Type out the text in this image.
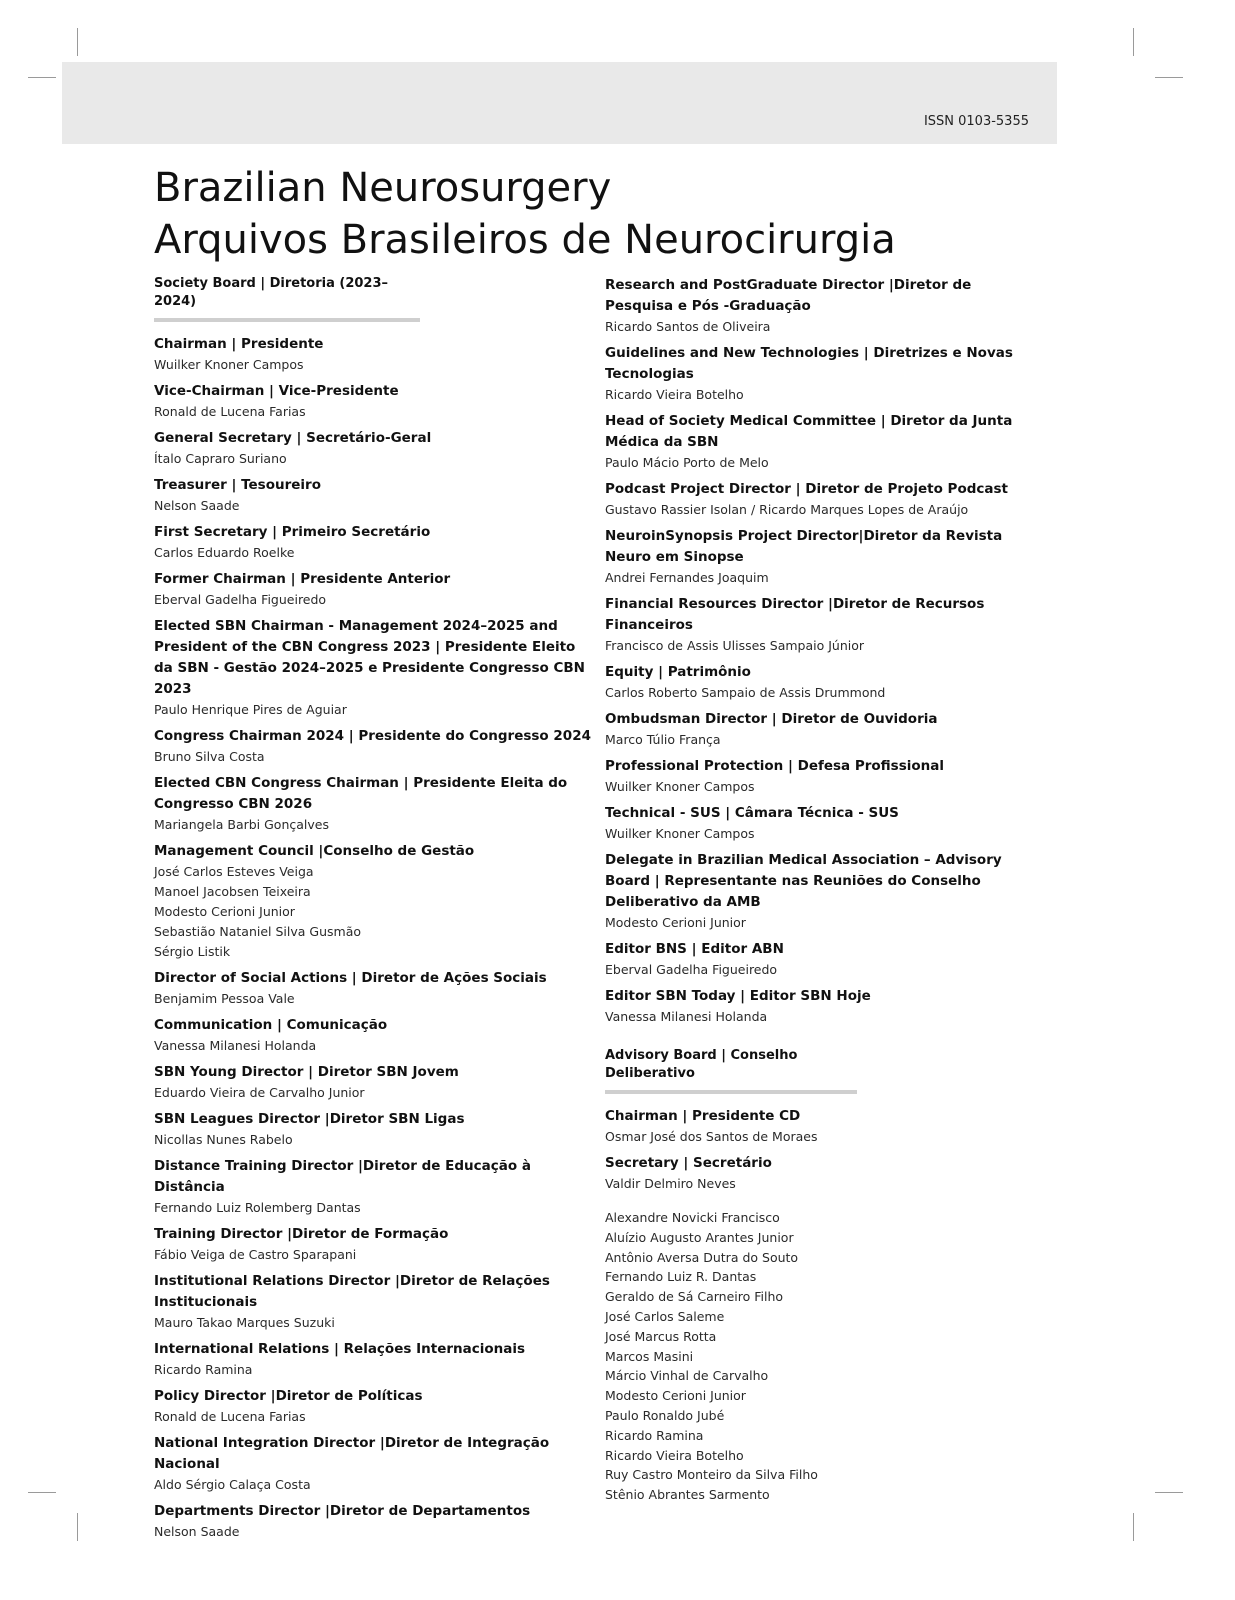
ISSN 0103-5355
Brazilian Neurosurgery
Arquivos Brasileiros de Neurocirurgia
Society Board | Diretoria (2023–2024)
Chairman | Presidente
Wuilker Knoner Campos
Vice-Chairman | Vice-Presidente
Ronald de Lucena Farias
General Secretary | Secretário-Geral
Ítalo Capraro Suriano
Treasurer | Tesoureiro
Nelson Saade
First Secretary | Primeiro Secretário
Carlos Eduardo Roelke
Former Chairman | Presidente Anterior
Eberval Gadelha Figueiredo
Elected SBN Chairman - Management 2024–2025 and President of the CBN Congress 2023 | Presidente Eleito da SBN - Gestão 2024–2025 e Presidente Congresso CBN 2023
Paulo Henrique Pires de Aguiar
Congress Chairman 2024 | Presidente do Congresso 2024
Bruno Silva Costa
Elected CBN Congress Chairman | Presidente Eleita do Congresso CBN 2026
Mariangela Barbi Gonçalves
Management Council |Conselho de Gestão
José Carlos Esteves Veiga
Manoel Jacobsen Teixeira
Modesto Cerioni Junior
Sebastião Nataniel Silva Gusmão
Sérgio Listik
Director of Social Actions | Diretor de Ações Sociais
Benjamim Pessoa Vale
Communication | Comunicação
Vanessa Milanesi Holanda
SBN Young Director | Diretor SBN Jovem
Eduardo Vieira de Carvalho Junior
SBN Leagues Director |Diretor SBN Ligas
Nicollas Nunes Rabelo
Distance Training Director |Diretor de Educação à Distância
Fernando Luiz Rolemberg Dantas
Training Director |Diretor de Formação
Fábio Veiga de Castro Sparapani
Institutional Relations Director |Diretor de Relações Institucionais
Mauro Takao Marques Suzuki
International Relations | Relações Internacionais
Ricardo Ramina
Policy Director |Diretor de Políticas
Ronald de Lucena Farias
National Integration Director |Diretor de Integração Nacional
Aldo Sérgio Calaça Costa
Departments Director |Diretor de Departamentos
Nelson Saade
Research and PostGraduate Director |Diretor de Pesquisa e Pós -Graduação
Ricardo Santos de Oliveira
Guidelines and New Technologies | Diretrizes e Novas Tecnologias
Ricardo Vieira Botelho
Head of Society Medical Committee | Diretor da Junta Médica da SBN
Paulo Mácio Porto de Melo
Podcast Project Director | Diretor de Projeto Podcast
Gustavo Rassier Isolan / Ricardo Marques Lopes de Araújo
NeuroinSynopsis Project Director|Diretor da Revista Neuro em Sinopse
Andrei Fernandes Joaquim
Financial Resources Director |Diretor de Recursos Financeiros
Francisco de Assis Ulisses Sampaio Júnior
Equity | Patrimônio
Carlos Roberto Sampaio de Assis Drummond
Ombudsman Director | Diretor de Ouvidoria
Marco Túlio França
Professional Protection | Defesa Profissional
Wuilker Knoner Campos
Technical - SUS | Câmara Técnica - SUS
Wuilker Knoner Campos
Delegate in Brazilian Medical Association – Advisory Board | Representante nas Reuniões do Conselho Deliberativo da AMB
Modesto Cerioni Junior
Editor BNS | Editor ABN
Eberval Gadelha Figueiredo
Editor SBN Today | Editor SBN Hoje
Vanessa Milanesi Holanda
Advisory Board | Conselho Deliberativo
Chairman | Presidente CD
Osmar José dos Santos de Moraes
Secretary | Secretário
Valdir Delmiro Neves
Alexandre Novicki Francisco
Aluízio Augusto Arantes Junior
Antônio Aversa Dutra do Souto
Fernando Luiz R. Dantas
Geraldo de Sá Carneiro Filho
José Carlos Saleme
José Marcus Rotta
Marcos Masini
Márcio Vinhal de Carvalho
Modesto Cerioni Junior
Paulo Ronaldo Jubé
Ricardo Ramina
Ricardo Vieira Botelho
Ruy Castro Monteiro da Silva Filho
Stênio Abrantes Sarmento
